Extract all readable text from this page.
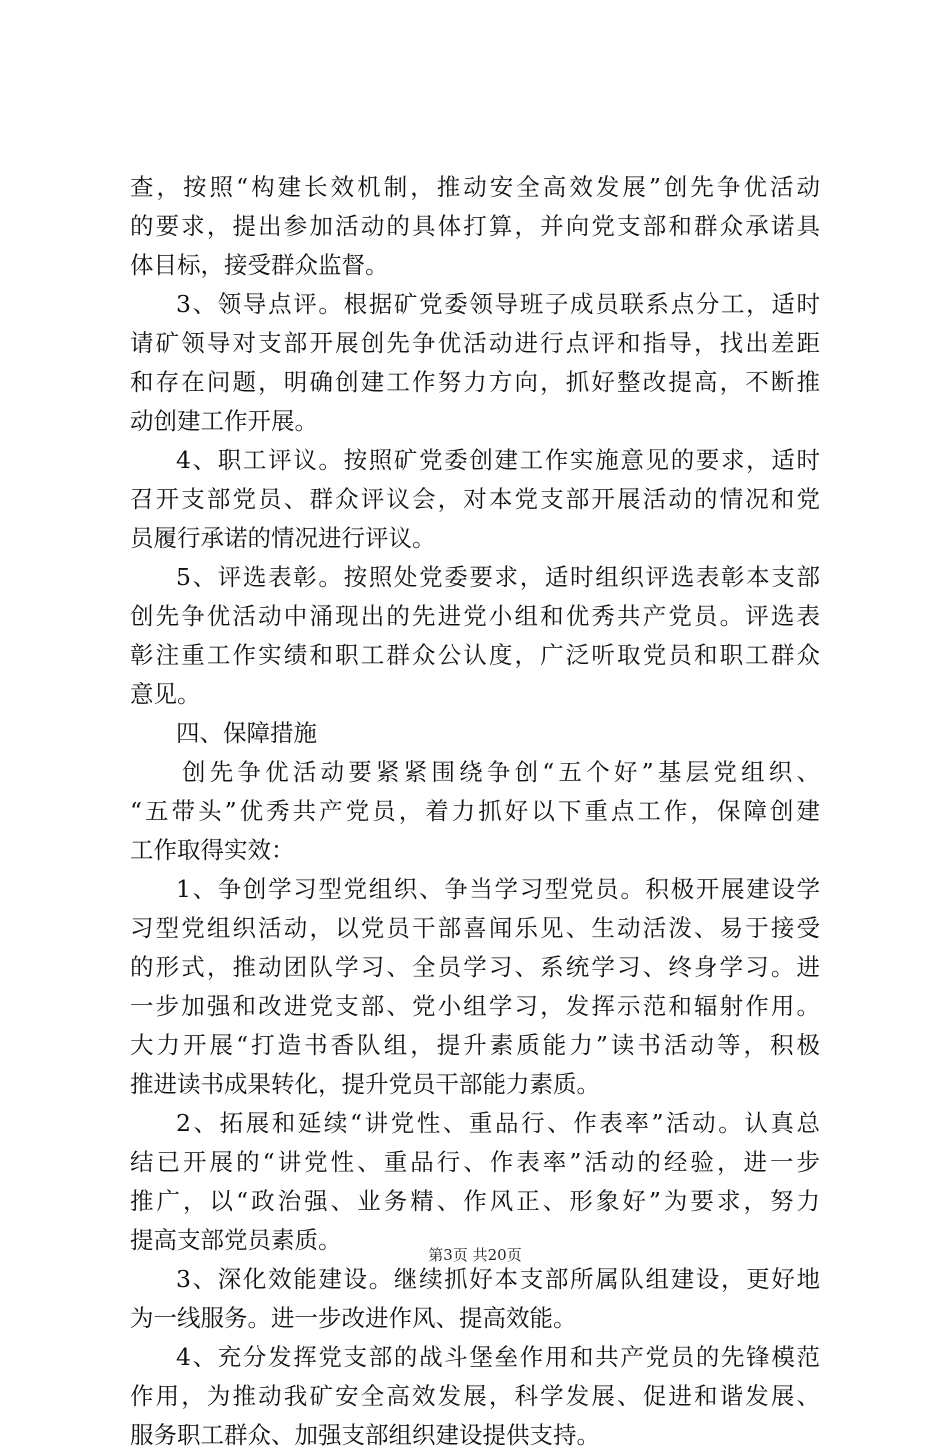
查，按照“构建长效机制，推动安全高效发展”创先争优活动
的要求，提出参加活动的具体打算，并向党支部和群众承诺具
体目标，接受群众监督。
3、领导点评。根据矿党委领导班子成员联系点分工，适时
请矿领导对支部开展创先争优活动进行点评和指导，找出差距
和存在问题，明确创建工作努力方向，抓好整改提高，不断推
动创建工作开展。
4、职工评议。按照矿党委创建工作实施意见的要求，适时
召开支部党员、群众评议会，对本党支部开展活动的情况和党
员履行承诺的情况进行评议。
5、评选表彰。按照处党委要求，适时组织评选表彰本支部
创先争优活动中涌现出的先进党小组和优秀共产党员。评选表
彰注重工作实绩和职工群众公认度，广泛听取党员和职工群众
意见。
四、保障措施
创先争优活动要紧紧围绕争创“五个好”基层党组织、
“五带头”优秀共产党员，着力抓好以下重点工作，保障创建
工作取得实效：
1、争创学习型党组织、争当学习型党员。积极开展建设学
习型党组织活动，以党员干部喜闻乐见、生动活泼、易于接受
的形式，推动团队学习、全员学习、系统学习、终身学习。进
一步加强和改进党支部、党小组学习，发挥示范和辐射作用。
大力开展“打造书香队组，提升素质能力”读书活动等，积极
推进读书成果转化，提升党员干部能力素质。
2、拓展和延续“讲党性、重品行、作表率”活动。认真总
结已开展的“讲党性、重品行、作表率”活动的经验，进一步
推广，以“政治强、业务精、作风正、形象好”为要求，努力
提高支部党员素质。
3、深化效能建设。继续抓好本支部所属队组建设，更好地
为一线服务。进一步改进作风、提高效能。
4、充分发挥党支部的战斗堡垒作用和共产党员的先锋模范
作用，为推动我矿安全高效发展，科学发展、促进和谐发展、
服务职工群众、加强支部组织建设提供支持。
第3页 共20页
